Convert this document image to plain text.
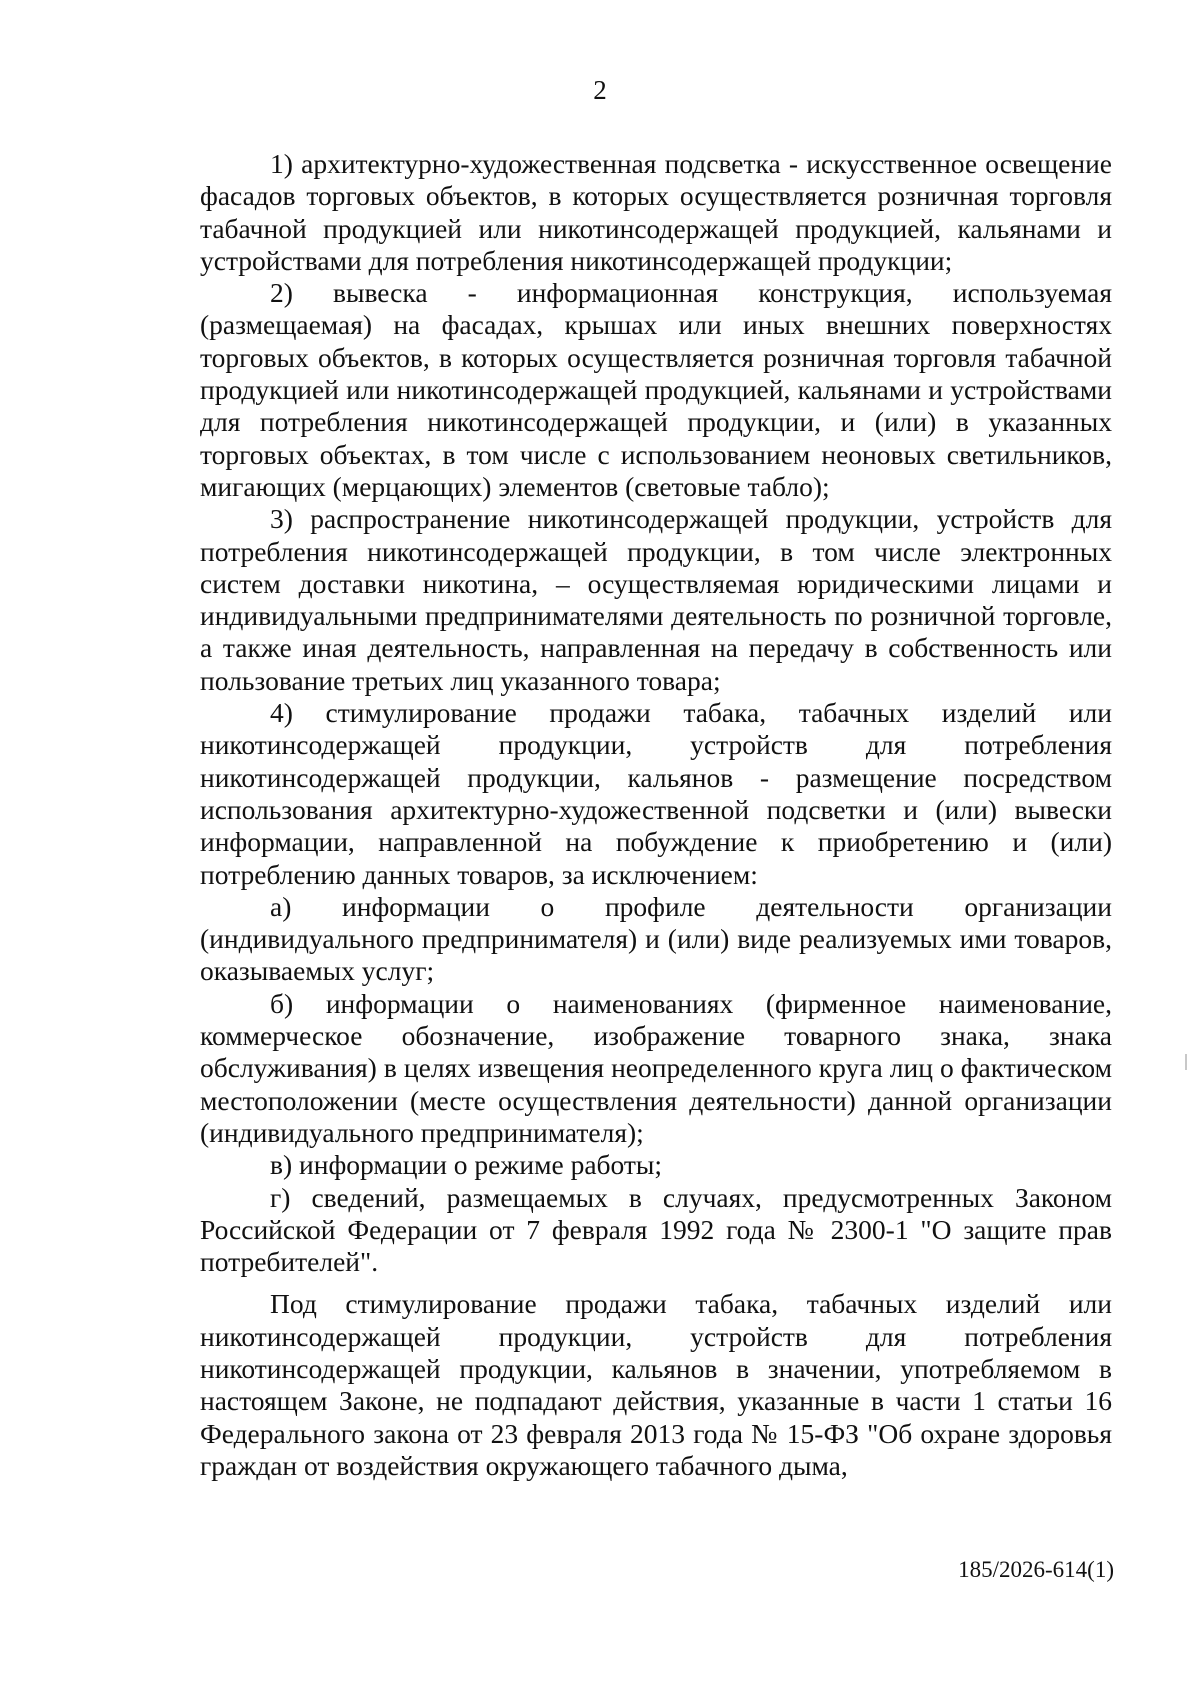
2

1) архитектурно-художественная подсветка - искусственное освещение фасадов торговых объектов, в которых осуществляется розничная торговля табачной продукцией или никотинсодержащей продукцией, кальянами и устройствами для потребления никотинсодержащей продукции;

2) вывеска - информационная конструкция, используемая (размещаемая) на фасадах, крышах или иных внешних поверхностях торговых объектов, в которых осуществляется розничная торговля табачной продукцией или никотинсодержащей продукцией, кальянами и устройствами для потребления никотинсодержащей продукции, и (или) в указанных торговых объектах, в том числе с использованием неоновых светильников, мигающих (мерцающих) элементов (световые табло);

3) распространение никотинсодержащей продукции, устройств для потребления никотинсодержащей продукции, в том числе электронных систем доставки никотина, – осуществляемая юридическими лицами и индивидуальными предпринимателями деятельность по розничной торговле, а также иная деятельность, направленная на передачу в собственность или пользование третьих лиц указанного товара;

4) стимулирование продажи табака, табачных изделий или никотинсодержащей продукции, устройств для потребления никотинсодержащей продукции, кальянов - размещение посредством использования архитектурно-художественной подсветки и (или) вывески информации, направленной на побуждение к приобретению и (или) потреблению данных товаров, за исключением:

а) информации о профиле деятельности организации (индивидуального предпринимателя) и (или) виде реализуемых ими товаров, оказываемых услуг;

б) информации о наименованиях (фирменное наименование, коммерческое обозначение, изображение товарного знака, знака обслуживания) в целях извещения неопределенного круга лиц о фактическом местоположении (месте осуществления деятельности) данной организации (индивидуального предпринимателя);

в) информации о режиме работы;

г) сведений, размещаемых в случаях, предусмотренных Законом Российской Федерации от 7 февраля 1992 года № 2300-1 "О защите прав потребителей".

Под стимулирование продажи табака, табачных изделий или никотинсодержащей продукции, устройств для потребления никотинсодержащей продукции, кальянов в значении, употребляемом в настоящем Законе, не подпадают действия, указанные в части 1 статьи 16 Федерального закона от 23 февраля 2013 года № 15-ФЗ "Об охране здоровья граждан от воздействия окружающего табачного дыма,

185/2026-614(1)
